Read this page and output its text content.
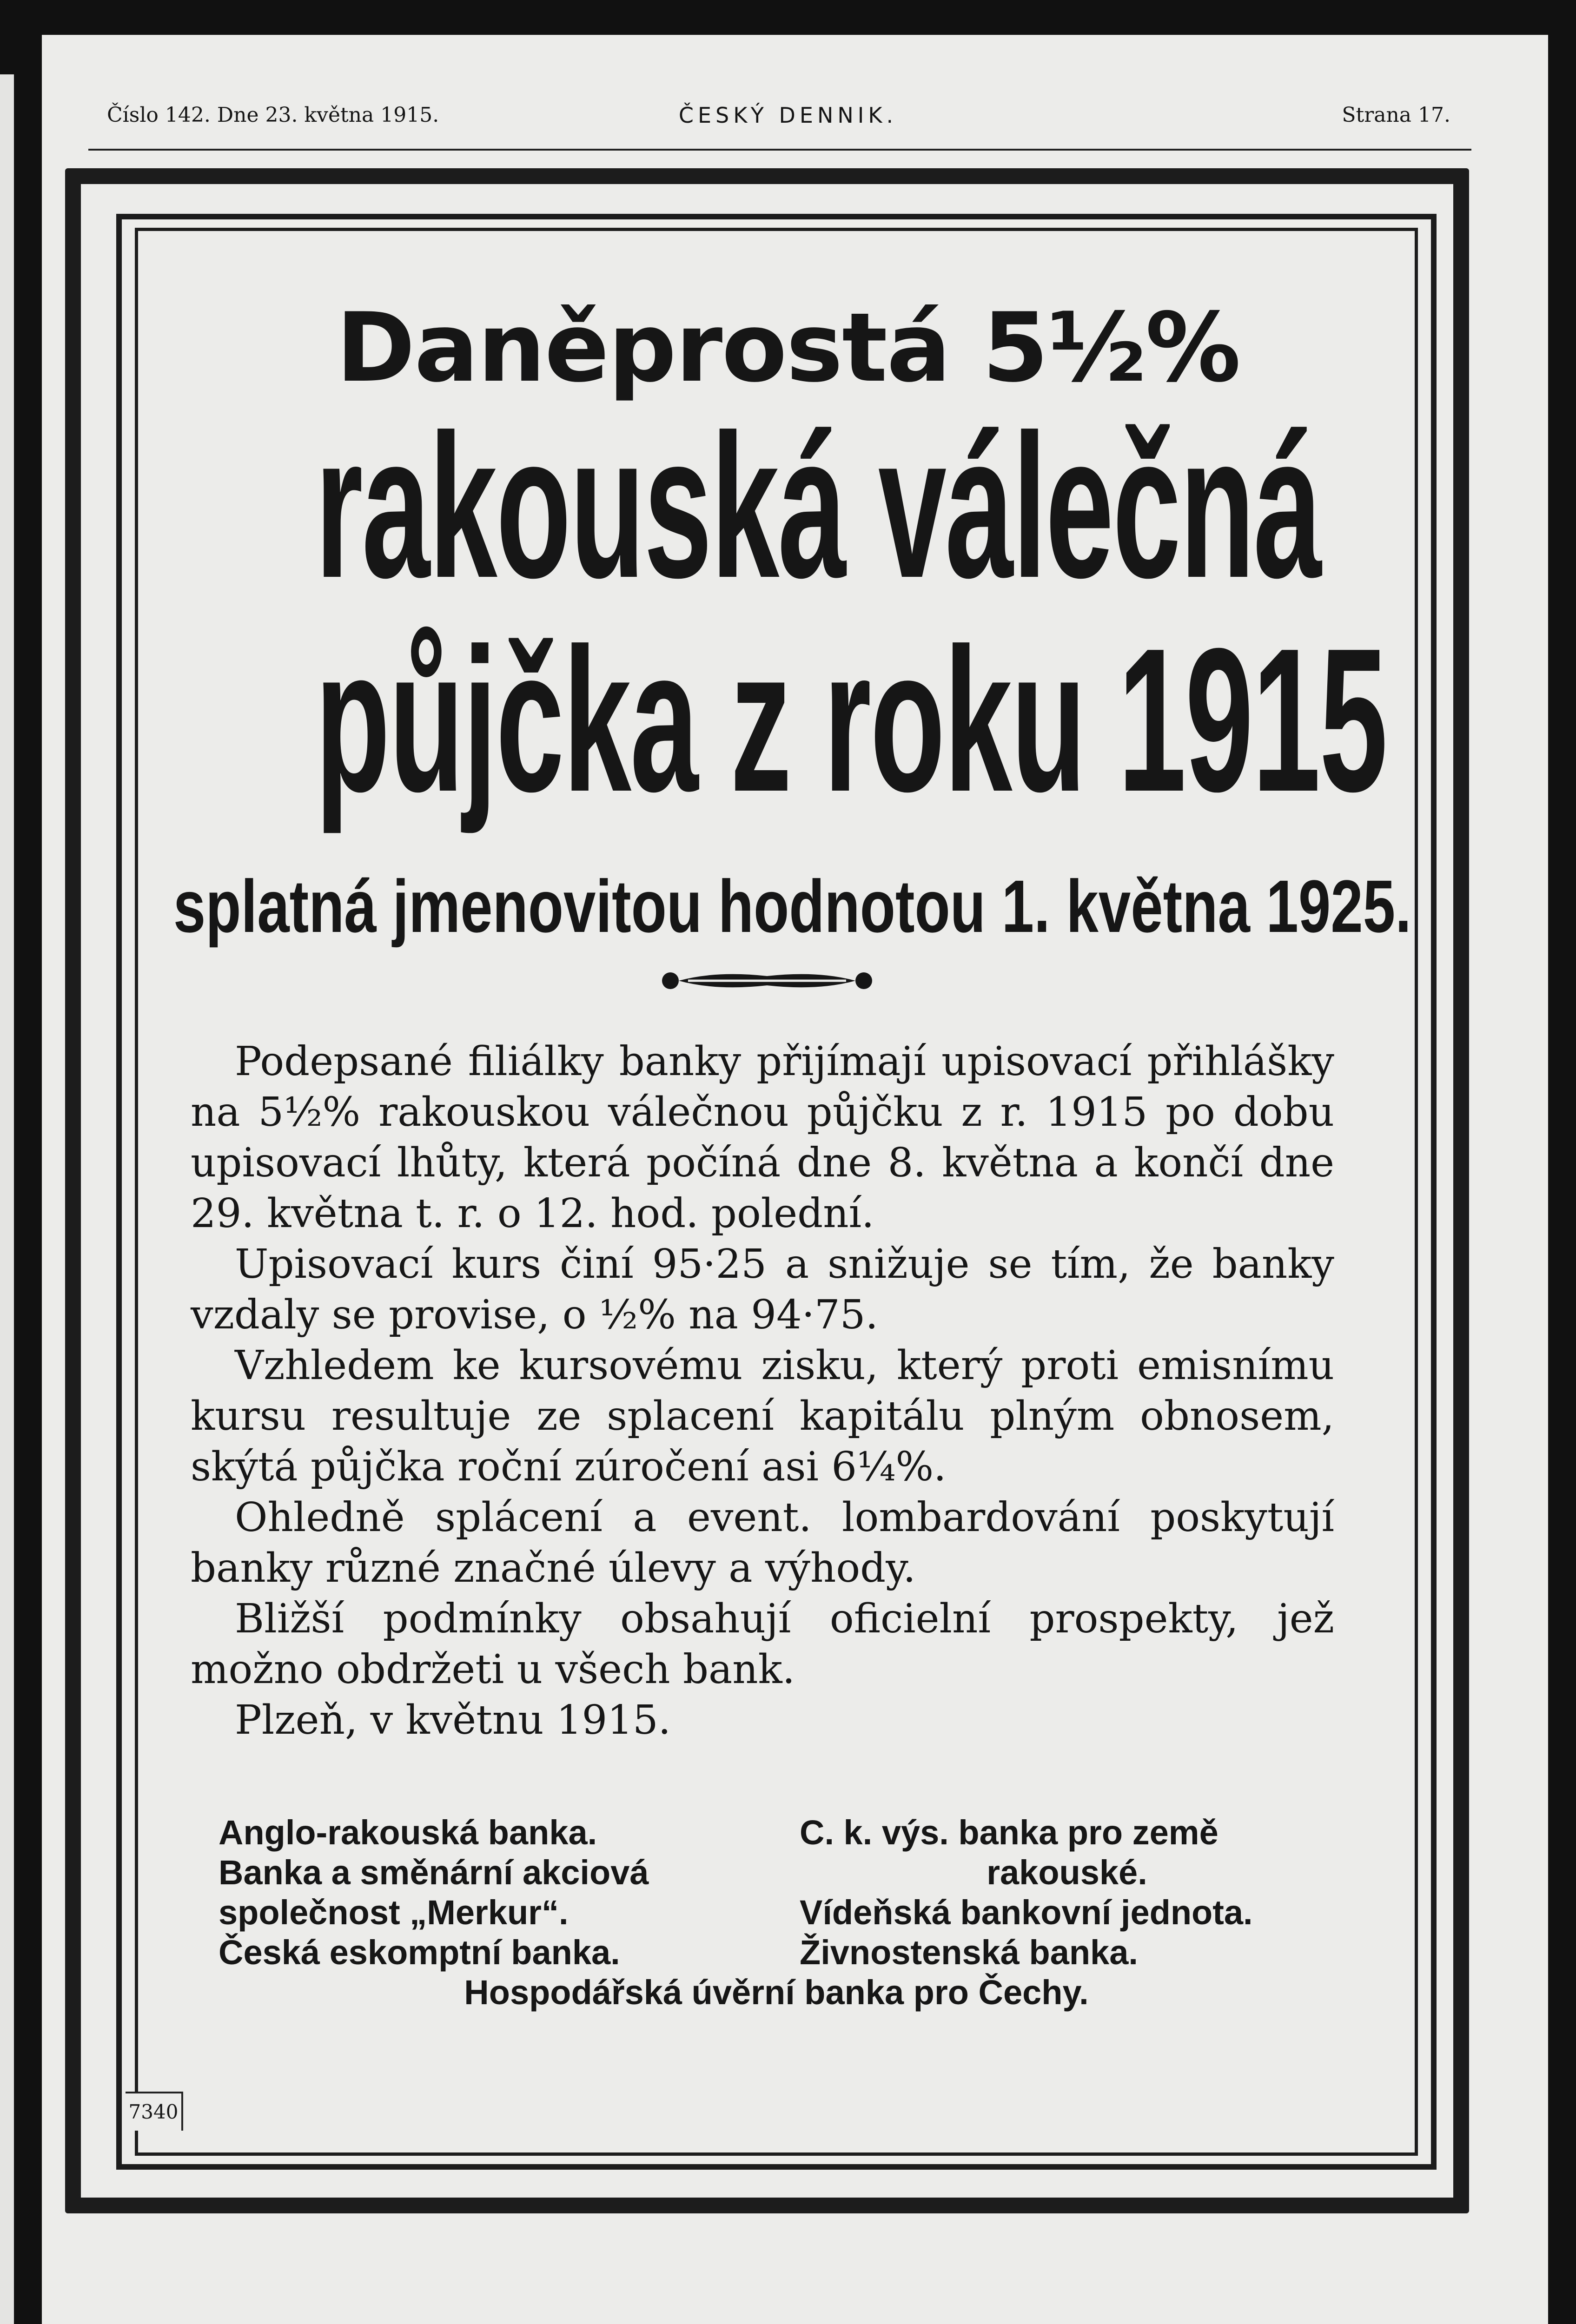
Číslo 142. Dne 23. května 1915.	ČESKÝ DENNIK.	Strana 17.
Daněprostá 5½%
rakouská válečná
půjčka z roku 1915
splatná jmenovitou hodnotou 1. května 1925.

Podepsané filiálky banky přijímají upisovací přihlášky na 5½% rakouskou válečnou půjčku z r. 1915 po dobu upisovací lhůty, která počíná dne 8. května a končí dne 29. května t. r. o 12. hod. polední.

Upisovací kurs činí 95·25 a snižuje se tím, že banky vzdaly se provise, o ½% na 94·75.

Vzhledem ke kursovému zisku, který proti emisnímu kursu resultuje ze splacení kapitálu plným obnosem, skýtá půjčka roční zúročení asi 6¼%.

Ohledně splácení a event. lombardování poskytují banky různé značné úlevy a výhody.

Bližší podmínky obsahují oficielní prospekty, jež možno obdržeti u všech bank.

Plzeň, v květnu 1915.

Anglo-rakouská banka.	C. k. výs. banka pro země
Banka a směnární akciová	rakouské.
společnost „Merkur“.	Vídeňská bankovní jednota.
Česká eskomptní banka.	Živnostenská banka.
Hospodářská úvěrní banka pro Čechy.
7340
